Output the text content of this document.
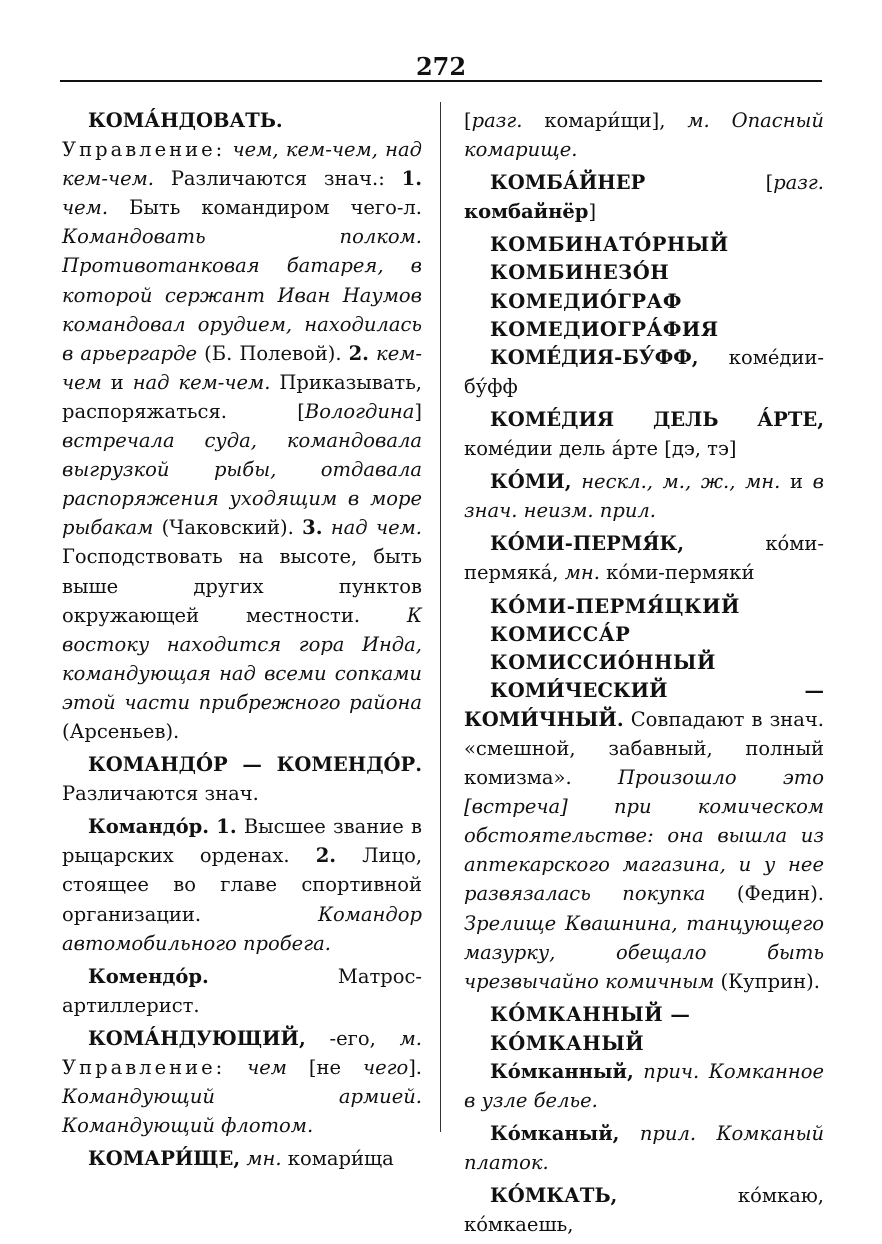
272

КОМА́НДОВАТЬ. Управление: чем, кем-чем, над кем-чем. Различаются знач.: 1. чем. Быть командиром чего-л. Командовать полком. Противотанковая батарея, в которой сержант Иван Наумов командовал орудием, находилась в арьергарде (Б. Полевой). 2. кем-чем и над кем-чем. Приказывать, распоряжаться. [Вологдина] встречала суда, командовала выгрузкой рыбы, отдавала распоряжения уходящим в море рыбакам (Чаковский). 3. над чем. Господствовать на высоте, быть выше других пунктов окружающей местности. К востоку находится гора Инда, командующая над всеми сопками этой части прибрежного района (Арсеньев).

КОМАНДО́Р — КОМЕНДО́Р. Различаются знач.

Командо́р. 1. Высшее звание в рыцарских орденах. 2. Лицо, стоящее во главе спортивной организации.	Командор автомобильного пробега.

Комендо́р.	Матрос-артиллерист.

КОМА́НДУЮЩИЙ, -его, м. Управление: чем [не чего]. Командующий армией. Командующий флотом.

КОМАРИ́ЩЕ, мн. комари́ща

[разг. комари́щи], м. Опасный комарище.

КОМБА́ЙНЕР	[разг. комбайнёр]

КОМБИНАТО́РНЫЙ

КОМБИНЕЗО́Н

КОМЕДИО́ГРАФ

КОМЕДИОГРА́ФИЯ

КОМЕ́ДИЯ-БУ́ФФ, коме́дии-бу́фф

КОМЕ́ДИЯ ДЕЛЬ А́РТЕ, коме́дии дель а́рте [дэ, тэ]

КО́МИ, нескл., м., ж., мн. и в знач. неизм. прил.

КО́МИ-ПЕРМЯ́К,	ко́ми-пермяка́, мн. ко́ми-пермяки́

КО́МИ-ПЕРМЯ́ЦКИЙ

КОМИССА́Р

КОМИССИО́ННЫЙ

КОМИ́ЧЕСКИЙ — КОМИ́ЧНЫЙ. Совпадают в знач. «смешной, забавный, полный комизма». Произошло это [встреча] при комическом обстоятельстве: она вышла из аптекарского магазина, и у нее развязалась покупка (Федин). Зрелище Квашнина, танцующего мазурку, обещало быть чрезвычайно комичным (Куприн).

КО́МКАННЫЙ — КО́МКАНЫЙ

Ко́мканный, прич. Комканное в узле белье.

Ко́мканый, прил. Комканый платок.

КО́МКАТЬ,	ко́мкаю, ко́мкаешь,
